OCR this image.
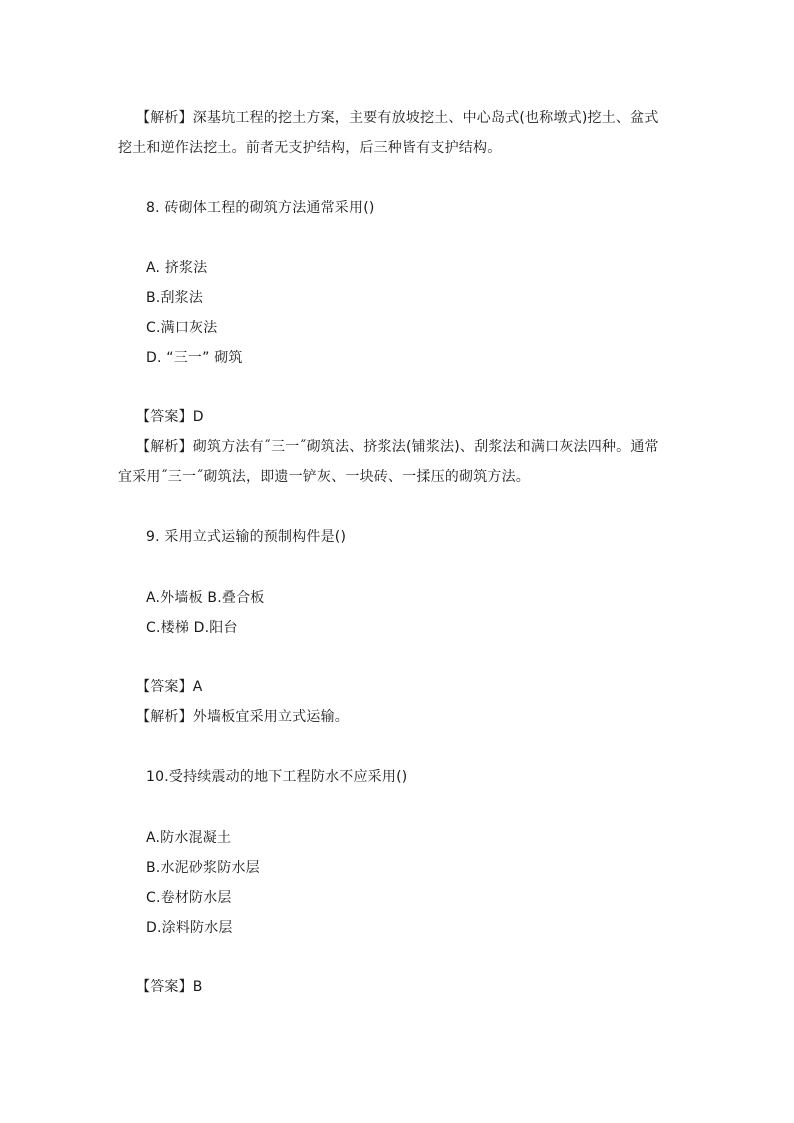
【解析】深基坑工程的挖土方案，主要有放坡挖土、中心岛式(也称墩式)挖土、盆式
挖土和逆作法挖土。前者无支护结构，后三种皆有支护结构。
8. 砖砌体工程的砌筑方法通常采用()
A. 挤浆法
B.刮浆法
C.满口灰法
D. “三一” 砌筑
【答案】D
【解析】砌筑方法有˝三一˝砌筑法、挤浆法(铺浆法)、刮浆法和满口灰法四种。通常
宜采用˝三一˝砌筑法，即遗一铲灰、一块砖、一揉压的砌筑方法。
9. 采用立式运输的预制构件是()
A.外墙板 B.叠合板
C.楼梯 D.阳台
【答案】A
【解析】外墙板宜采用立式运输。
10.受持续震动的地下工程防水不应采用()
A.防水混凝土
B.水泥砂浆防水层
C.卷材防水层
D.涂料防水层
【答案】B
